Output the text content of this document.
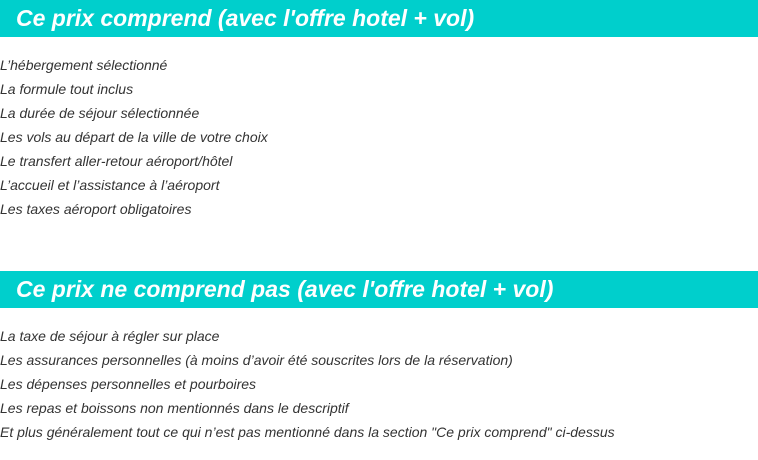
Ce prix comprend (avec l'offre hotel + vol)
L’hébergement sélectionné
La formule tout inclus
La durée de séjour sélectionnée
Les vols au départ de la ville de votre choix
Le transfert aller-retour aéroport/hôtel
L’accueil et l’assistance à l’aéroport
Les taxes aéroport obligatoires
Ce prix ne comprend pas (avec l'offre hotel + vol)
La taxe de séjour à régler sur place
Les assurances personnelles (à moins d’avoir été souscrites lors de la réservation)
Les dépenses personnelles et pourboires
Les repas et boissons non mentionnés dans le descriptif
Et plus généralement tout ce qui n’est pas mentionné dans la section "Ce prix comprend" ci-dessus
